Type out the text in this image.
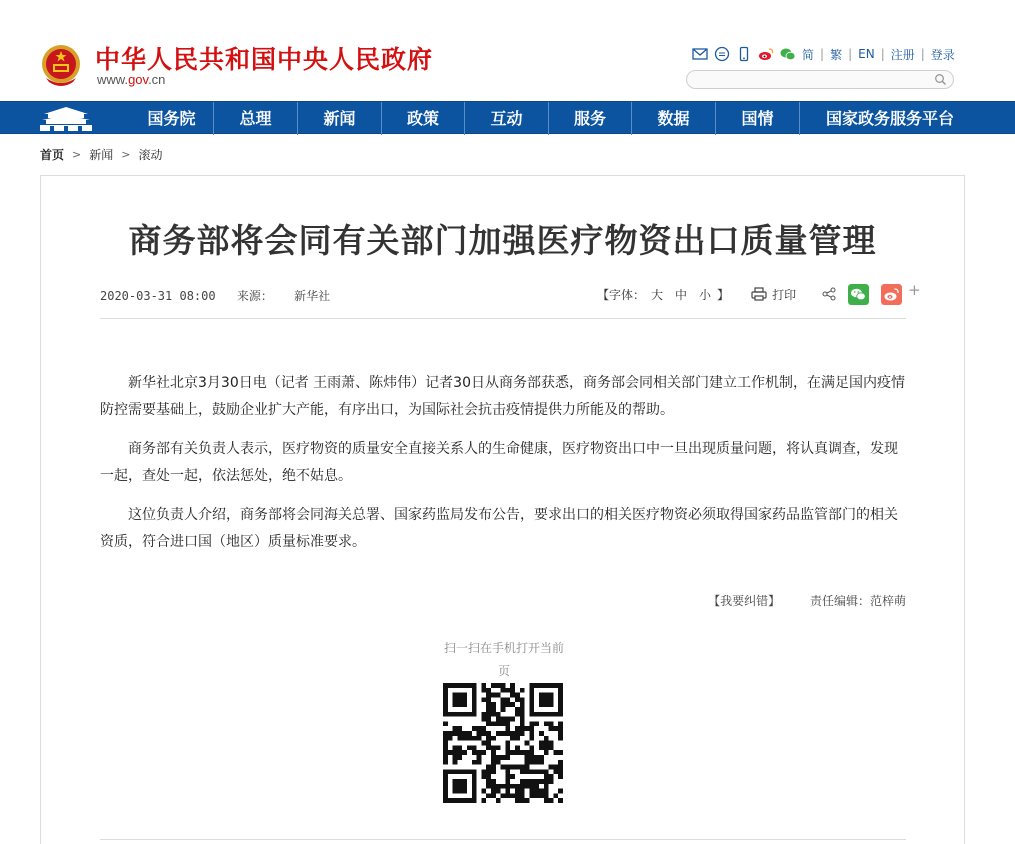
中华人民共和国中央人民政府
www.gov.cn
简 | 繁 | EN | 注册 | 登录
国务院	总理	新闻	政策	互动	服务	数据	国情	国家政务服务平台
首页 > 新闻 > 滚动
商务部将会同有关部门加强医疗物资出口质量管理
2020-03-31 08:00 来源： 新华社	【字体： 大 中 小 】	打印	+

新华社北京3月30日电（记者 王雨萧、陈炜伟）记者30日从商务部获悉，商务部会同相关部门建立工作机制，在满足国内疫情防控需要基础上，鼓励企业扩大产能，有序出口，为国际社会抗击疫情提供力所能及的帮助。

商务部有关负责人表示，医疗物资的质量安全直接关系人的生命健康，医疗物资出口中一旦出现质量问题，将认真调查，发现一起，查处一起，依法惩处，绝不姑息。

这位负责人介绍，商务部将会同海关总署、国家药监局发布公告，要求出口的相关医疗物资必须取得国家药品监管部门的相关资质，符合进口国（地区）质量标准要求。

【我要纠错】 责任编辑：范梓萌
扫一扫在手机打开当前页
